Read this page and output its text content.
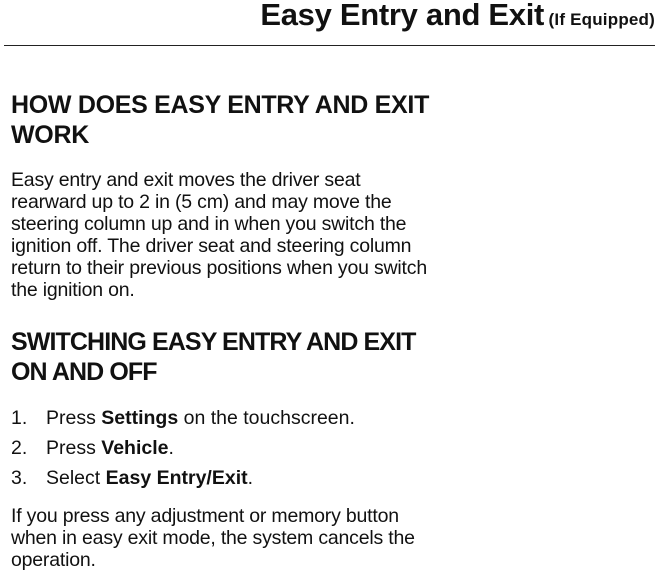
Easy Entry and Exit (If Equipped)
HOW DOES EASY ENTRY AND EXIT WORK

Easy entry and exit moves the driver seat rearward up to 2 in (5 cm) and may move the steering column up and in when you switch the ignition off. The driver seat and steering column return to their previous positions when you switch the ignition on.

SWITCHING EASY ENTRY AND EXIT ON AND OFF
1. Press Settings on the touchscreen.
2. Press Vehicle.
3. Select Easy Entry/Exit.

If you press any adjustment or memory button when in easy exit mode, the system cancels the operation.
